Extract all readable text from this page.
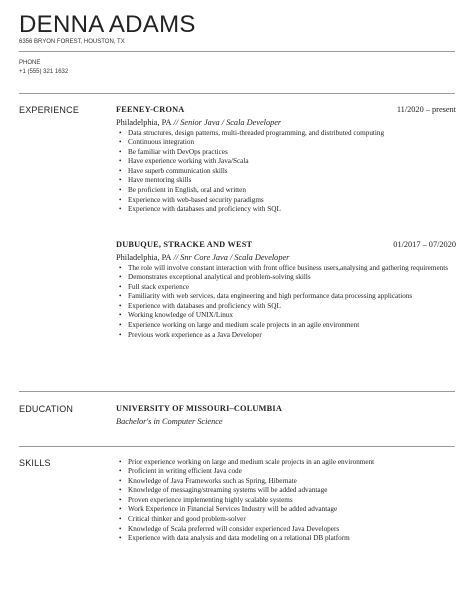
DENNA ADAMS
6356 BRYON FOREST, HOUSTON, TX
PHONE
+1 (555) 321 1632
EXPERIENCE	FEENEY-CRONA	11/2020 – present
Philadelphia, PA // Senior Java / Scala Developer
• Data structures, design patterns, multi-threaded programming, and distributed computing
• Continuous integration
• Be familiar with DevOps practices
• Have experience working with Java/Scala
• Have superb communication skills
• Have mentoring skills
• Be proficient in English, oral and written
• Experience with web-based security paradigms
• Experience with databases and proficiency with SQL
DUBUQUE, STRACKE AND WEST	01/2017 – 07/2020
Philadelphia, PA // Snr Core Java / Scala Developer
• The role will involve constant interaction with front office business users,analysing and gathering requirements
• Demonstrates exceptional analytical and problem-solving skills
• Full stack experience
• Familiarity with web services, data engineering and high performance data processing applications
• Experience with databases and proficiency with SQL
• Working knowledge of UNIX/Linux
• Experience working on large and medium scale projects in an agile environment
• Previous work experience as a Java Developer
EDUCATION	UNIVERSITY OF MISSOURI–COLUMBIA
Bachelor's in Computer Science
SKILLS
•	Prior experience working on large and medium scale projects in an agile environment
• Proficient in writing efficient Java code
• Knowledge of Java Frameworks such as Spring, Hibernate
• Knowledge of messaging/streaming systems will be added advantage
• Proven experience implementing highly scalable systems
• Work Experience in Financial Services Industry will be added advantage
• Critical thinker and good problem-solver
• Knowledge of Scala preferred will consider experienced Java Developers
• Experience with data analysis and data modeling on a relational DB platform
